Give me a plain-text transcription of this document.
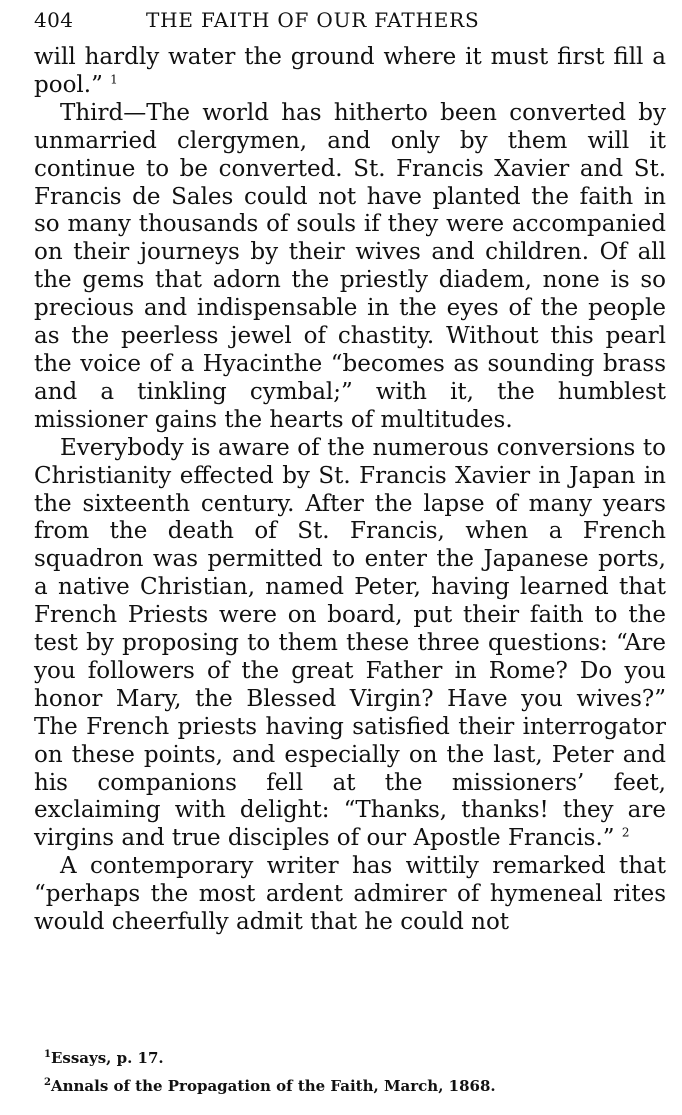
404	THE FAITH OF OUR FATHERS

will hardly water the ground where it must first fill a pool.” $^1$

Third—The world has hitherto been converted by unmarried clergymen, and only by them will it continue to be converted. St. Francis Xavier and St. Francis de Sales could not have planted the faith in so many thousands of souls if they were accompanied on their journeys by their wives and children. Of all the gems that adorn the priestly diadem, none is so precious and indispensable in the eyes of the people as the peerless jewel of chastity. Without this pearl the voice of a Hyacinthe “becomes as sounding brass and a tinkling cymbal;” with it, the humblest missioner gains the hearts of multitudes.

Everybody is aware of the numerous conversions to Christianity effected by St. Francis Xavier in Japan in the sixteenth century. After the lapse of many years from the death of St. Francis, when a French squadron was permitted to enter the Japanese ports, a native Christian, named Peter, having learned that French Priests were on board, put their faith to the test by proposing to them these three questions: “Are you followers of the great Father in Rome? Do you honor Mary, the Blessed Virgin? Have you wives?” The French priests having satisfied their interrogator on these points, and especially on the last, Peter and his companions fell at the missioners’ feet, exclaiming with delight: “Thanks, thanks! they are virgins and true disciples of our Apostle Francis.” $^2$

A contemporary writer has wittily remarked that “perhaps the most ardent admirer of hymeneal rites would cheerfully admit that he could not

$^1$Essays, p. 17.
$^2$Annals of the Propagation of the Faith, March, 1868.
